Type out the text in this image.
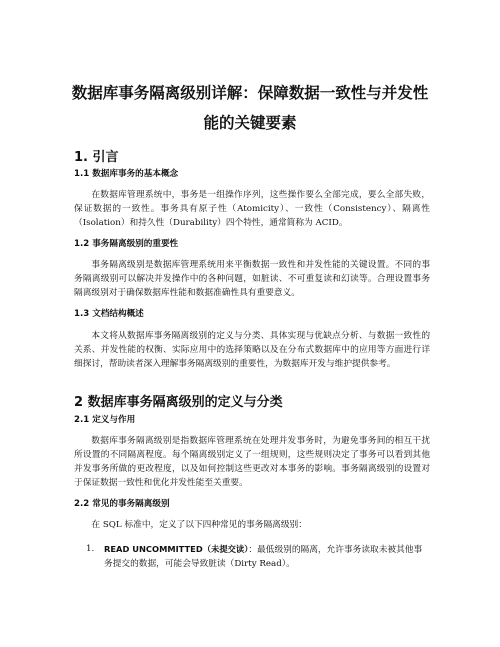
数据库事务隔离级别详解：保障数据一致性与并发性
能的关键要素
1. 引言
1.1 数据库事务的基本概念

在数据库管理系统中，事务是一组操作序列，这些操作要么全部完成，要么全部失败，保证数据的一致性。事务具有原子性（Atomicity）、一致性（Consistency）、隔离性（Isolation）和持久性（Durability）四个特性，通常简称为 ACID。

1.2 事务隔离级别的重要性

事务隔离级别是数据库管理系统用来平衡数据一致性和并发性能的关键设置。不同的事务隔离级别可以解决并发操作中的各种问题，如脏读、不可重复读和幻读等。合理设置事务隔离级别对于确保数据库性能和数据准确性具有重要意义。

1.3 文档结构概述

本文将从数据库事务隔离级别的定义与分类、具体实现与优缺点分析、与数据一致性的关系、并发性能的权衡、实际应用中的选择策略以及在分布式数据库中的应用等方面进行详细探讨，帮助读者深入理解事务隔离级别的重要性，为数据库开发与维护提供参考。

2 数据库事务隔离级别的定义与分类
2.1 定义与作用

数据库事务隔离级别是指数据库管理系统在处理并发事务时，为避免事务间的相互干扰所设置的不同隔离程度。每个隔离级别定义了一组规则，这些规则决定了事务可以看到其他并发事务所做的更改程度，以及如何控制这些更改对本事务的影响。事务隔离级别的设置对于保证数据一致性和优化并发性能至关重要。

2.2 常见的事务隔离级别

在 SQL 标准中，定义了以下四种常见的事务隔离级别：

1. READ UNCOMMITTED（未提交读）：最低级别的隔离，允许事务读取未被其他事务提交的数据，可能会导致脏读（Dirty Read）。
